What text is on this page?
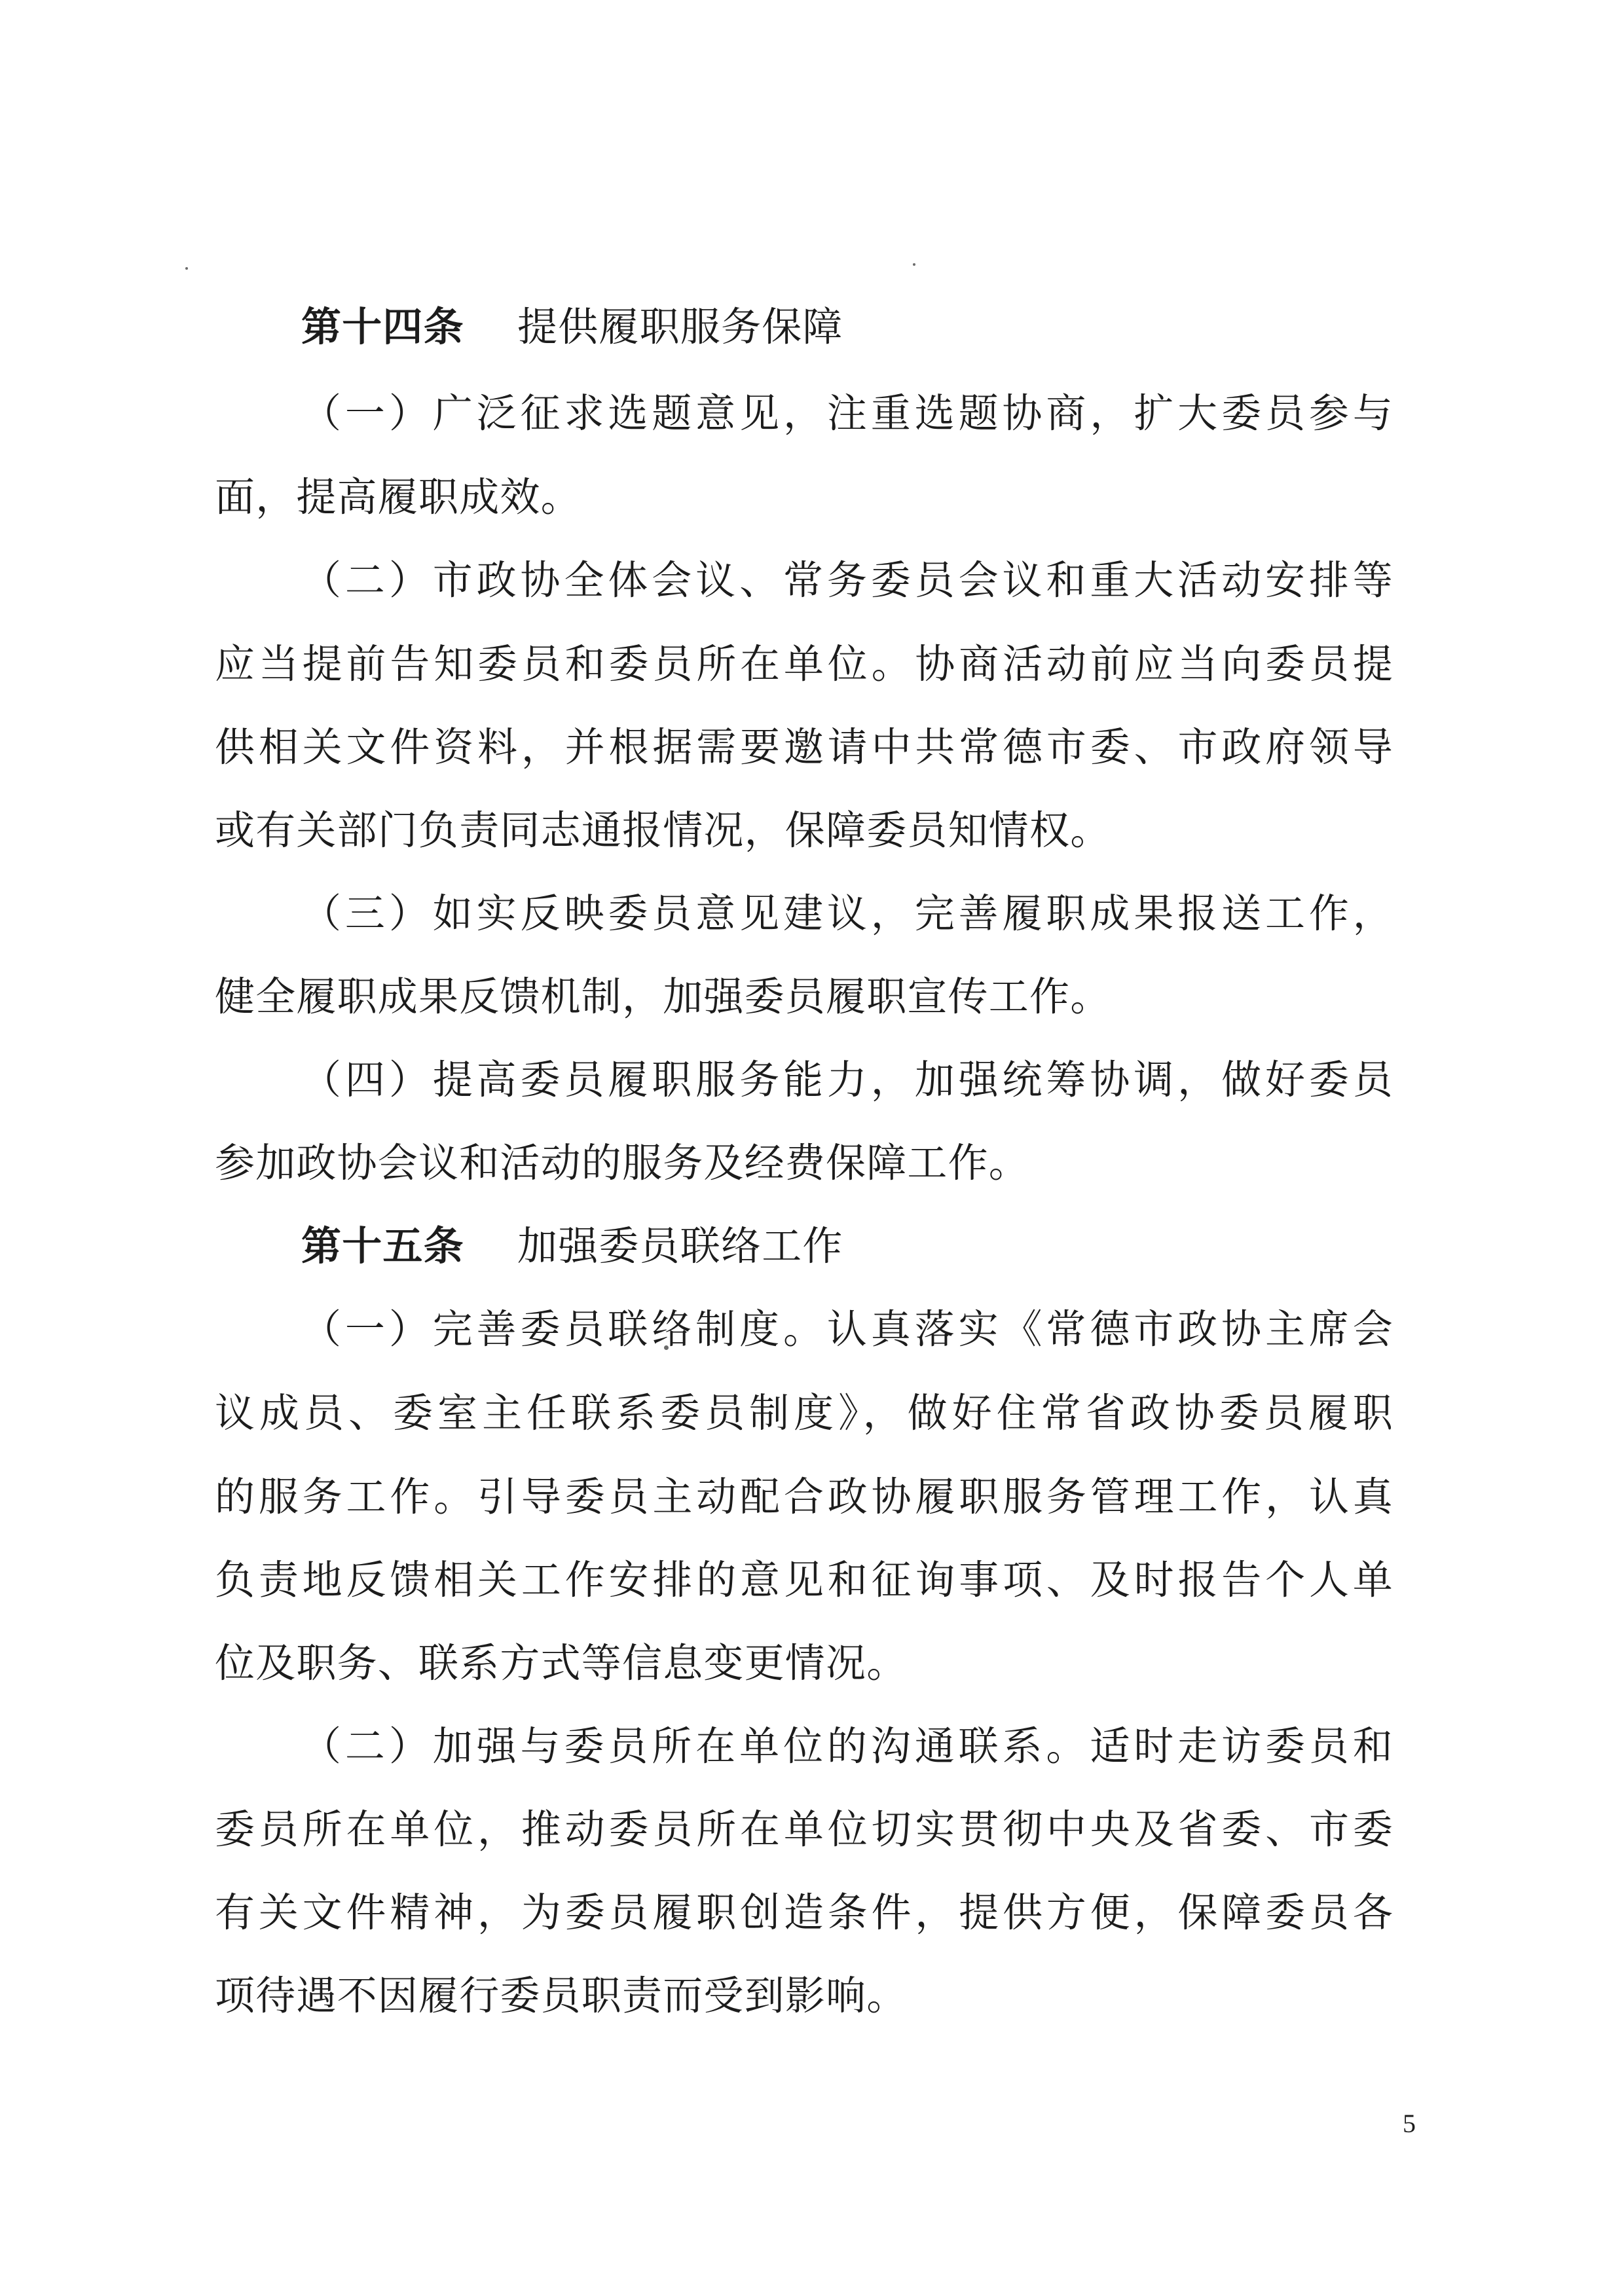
第十四条 提供履职服务保障
（一）广泛征求选题意见，注重选题协商，扩大委员参与
面，提高履职成效。
（二）市政协全体会议、常务委员会议和重大活动安排等
应当提前告知委员和委员所在单位。协商活动前应当向委员提
供相关文件资料，并根据需要邀请中共常德市委、市政府领导
或有关部门负责同志通报情况，保障委员知情权。
（三）如实反映委员意见建议，完善履职成果报送工作，
健全履职成果反馈机制，加强委员履职宣传工作。
（四）提高委员履职服务能力，加强统筹协调，做好委员
参加政协会议和活动的服务及经费保障工作。
第十五条 加强委员联络工作
（一）完善委员联络制度。认真落实《常德市政协主席会
议成员、委室主任联系委员制度》，做好住常省政协委员履职
的服务工作。引导委员主动配合政协履职服务管理工作，认真
负责地反馈相关工作安排的意见和征询事项、及时报告个人单
位及职务、联系方式等信息变更情况。
（二）加强与委员所在单位的沟通联系。适时走访委员和
委员所在单位，推动委员所在单位切实贯彻中央及省委、市委
有关文件精神，为委员履职创造条件，提供方便，保障委员各
项待遇不因履行委员职责而受到影响。
5
